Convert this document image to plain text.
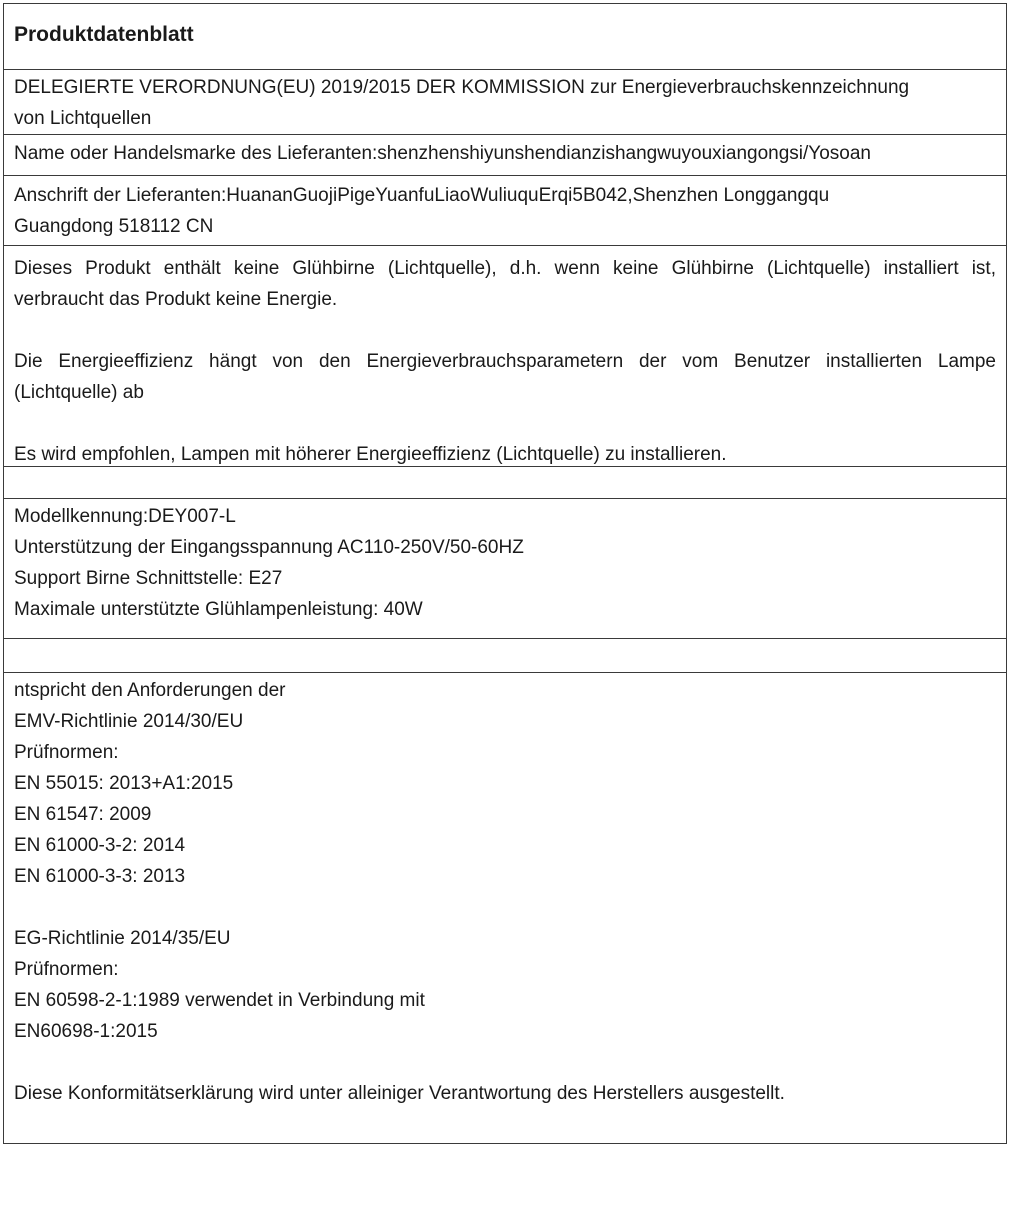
Produktdatenblatt
DELEGIERTE VERORDNUNG(EU) 2019/2015 DER KOMMISSION zur Energieverbrauchskennzeichnung
von Lichtquellen
Name oder Handelsmarke des Lieferanten:shenzhenshiyunshendianzishangwuyouxiangongsi/Yosoan
Anschrift der Lieferanten:HuananGuojiPigeYuanfuLiaoWuliuquErqi5B042,Shenzhen Longgangqu
Guangdong 518112 CN
Dieses Produkt enthält keine Glühbirne (Lichtquelle), d.h. wenn keine Glühbirne (Lichtquelle) installiert ist, verbraucht das Produkt keine Energie.
Die Energieeffizienz hängt von den Energieverbrauchsparametern der vom Benutzer installierten Lampe (Lichtquelle) ab
Es wird empfohlen, Lampen mit höherer Energieeffizienz (Lichtquelle) zu installieren.
Modellkennung:DEY007-L
Unterstützung der Eingangsspannung AC110-250V/50-60HZ
Support Birne Schnittstelle: E27
Maximale unterstützte Glühlampenleistung: 40W
ntspricht den Anforderungen der
EMV-Richtlinie 2014/30/EU
Prüfnormen:
EN 55015: 2013+A1:2015
EN 61547: 2009
EN 61000-3-2: 2014
EN 61000-3-3: 2013
EG-Richtlinie 2014/35/EU
Prüfnormen:
EN 60598-2-1:1989 verwendet in Verbindung mit
EN60698-1:2015
Diese Konformitätserklärung wird unter alleiniger Verantwortung des Herstellers ausgestellt.
